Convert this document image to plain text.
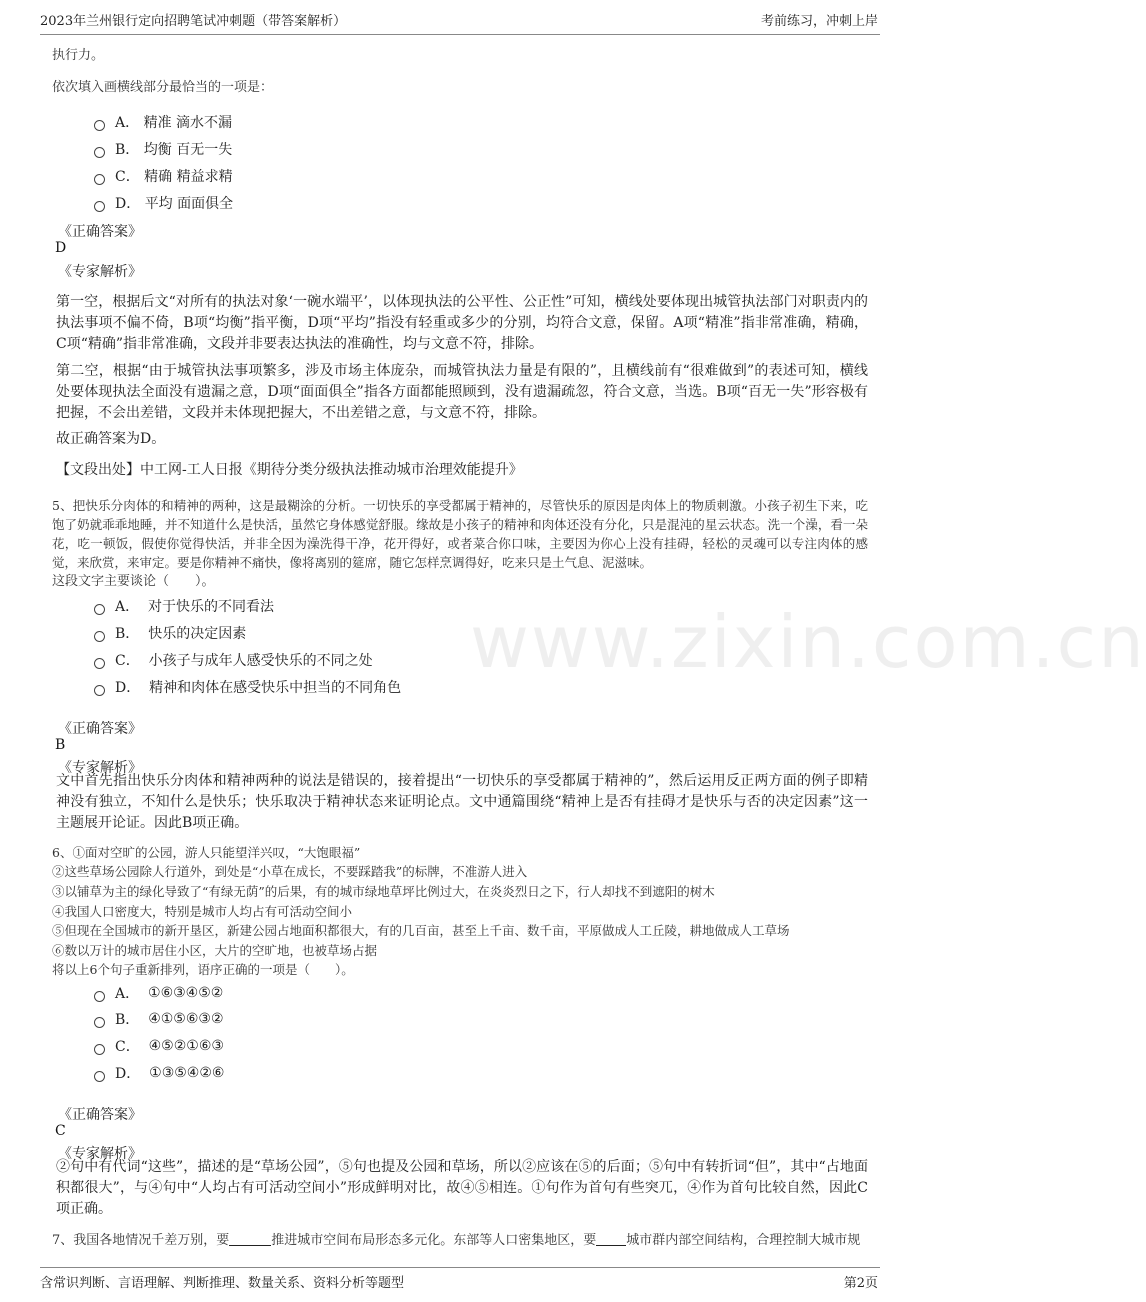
2023年兰州银行定向招聘笔试冲刺题（带答案解析）	考前练习，冲刺上岸
www.zixin.com.cn
执行力。
依次填入画横线部分最恰当的一项是：
A．
精准 滴水不漏
B．
均衡 百无一失
C．
精确 精益求精
D．
平均 面面俱全
《正确答案》
D
《专家解析》
第一空，根据后文“对所有的执法对象‘一碗水端平’，以体现执法的公平性、公正性”可知，横线处要体现出城管执法部门对职责内的执法事项不偏不倚，B项“均衡”指平衡，D项“平均”指没有轻重或多少的分别，均符合文意，保留。A项“精准”指非常准确，精确，C项“精确”指非常准确，文段并非要表达执法的准确性，均与文意不符，排除。
第二空，根据“由于城管执法事项繁多，涉及市场主体庞杂，而城管执法力量是有限的”，且横线前有“很难做到”的表述可知，横线处要体现执法全面没有遗漏之意，D项“面面俱全”指各方面都能照顾到，没有遗漏疏忽，符合文意，当选。B项“百无一失”形容极有把握，不会出差错，文段并未体现把握大，不出差错之意，与文意不符，排除。
故正确答案为D。
【文段出处】中工网-工人日报《期待分类分级执法推动城市治理效能提升》
5、把快乐分肉体的和精神的两种，这是最糊涂的分析。一切快乐的享受都属于精神的，尽管快乐的原因是肉体上的物质刺激。小孩子初生下来，吃饱了奶就乖乖地睡，并不知道什么是快活，虽然它身体感觉舒服。缘故是小孩子的精神和肉体还没有分化，只是混沌的星云状态。洗一个澡，看一朵花，吃一顿饭，假使你觉得快活，并非全因为澡洗得干净，花开得好，或者菜合你口味，主要因为你心上没有挂碍，轻松的灵魂可以专注肉体的感觉，来欣赏，来审定。要是你精神不痛快，像将离别的筵席，随它怎样烹调得好，吃来只是土气息、泥滋味。
这段文字主要谈论（　　）。
A．
对于快乐的不同看法
B．
快乐的决定因素
C．
小孩子与成年人感受快乐的不同之处
D．
精神和肉体在感受快乐中担当的不同角色
《正确答案》
B
《专家解析》
文中首先指出快乐分肉体和精神两种的说法是错误的，接着提出“一切快乐的享受都属于精神的”，然后运用反正两方面的例子即精神没有独立，不知什么是快乐；快乐取决于精神状态来证明论点。文中通篇围绕“精神上是否有挂碍才是快乐与否的决定因素”这一主题展开论证。因此B项正确。
6、①面对空旷的公园，游人只能望洋兴叹，“大饱眼福”
②这些草场公园除人行道外，到处是“小草在成长，不要踩踏我”的标牌，不准游人进入
③以铺草为主的绿化导致了“有绿无荫”的后果，有的城市绿地草坪比例过大，在炎炎烈日之下，行人却找不到遮阳的树木
④我国人口密度大，特别是城市人均占有可活动空间小
⑤但现在全国城市的新开垦区，新建公园占地面积都很大，有的几百亩，甚至上千亩、数千亩，平原做成人工丘陵，耕地做成人工草场
⑥数以万计的城市居住小区，大片的空旷地，也被草场占据
将以上6个句子重新排列，语序正确的一项是（　　）。
A．
①⑥③④⑤②
B．
④①⑤⑥③②
C．
④⑤②①⑥③
D．
①③⑤④②⑥
《正确答案》
C
《专家解析》
②句中有代词“这些”，描述的是“草场公园”，⑤句也提及公园和草场，所以②应该在⑤的后面；⑤句中有转折词“但”，其中“占地面积都很大”，与④句中“人均占有可活动空间小”形成鲜明对比，故④⑤相连。①句作为首句有些突兀，④作为首句比较自然，因此C项正确。
7、我国各地情况千差万别，要	推进城市空间布局形态多元化。东部等人口密集地区，要 城市群内部空间结构，合理控制大城市规
含常识判断、言语理解、判断推理、数量关系、资料分析等题型	第2页
